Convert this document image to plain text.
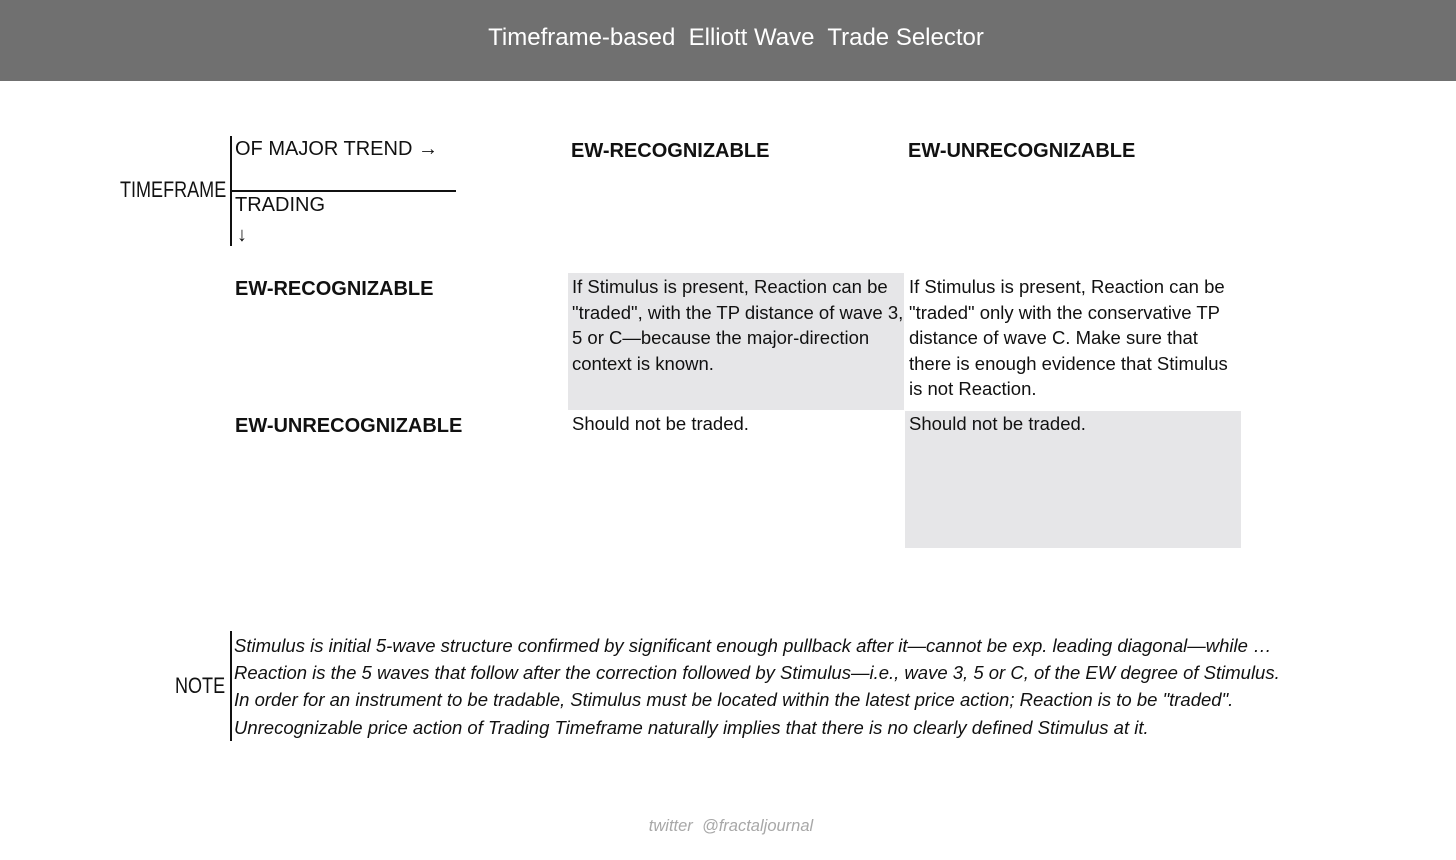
Timeframe-based  Elliott Wave  Trade Selector
TIMEFRAME
OF MAJOR TREND →
TRADING
↓
EW-RECOGNIZABLE	EW-UNRECOGNIZABLE
EW-RECOGNIZABLE
EW-UNRECOGNIZABLE
If Stimulus is present, Reaction can be "traded", with the TP distance of wave 3, 5 or C—because the major-direction context is known.
If Stimulus is present, Reaction can be "traded" only with the conservative TP distance of wave C. Make sure that there is enough evidence that Stimulus is not Reaction.
Should not be traded.	Should not be traded.
NOTE
Stimulus is initial 5-wave structure confirmed by significant enough pullback after it—cannot be exp. leading diagonal—while …
Reaction is the 5 waves that follow after the correction followed by Stimulus—i.e., wave 3, 5 or C, of the EW degree of Stimulus.
In order for an instrument to be tradable, Stimulus must be located within the latest price action; Reaction is to be "traded".
Unrecognizable price action of Trading Timeframe naturally implies that there is no clearly defined Stimulus at it.
twitter  @fractaljournal
